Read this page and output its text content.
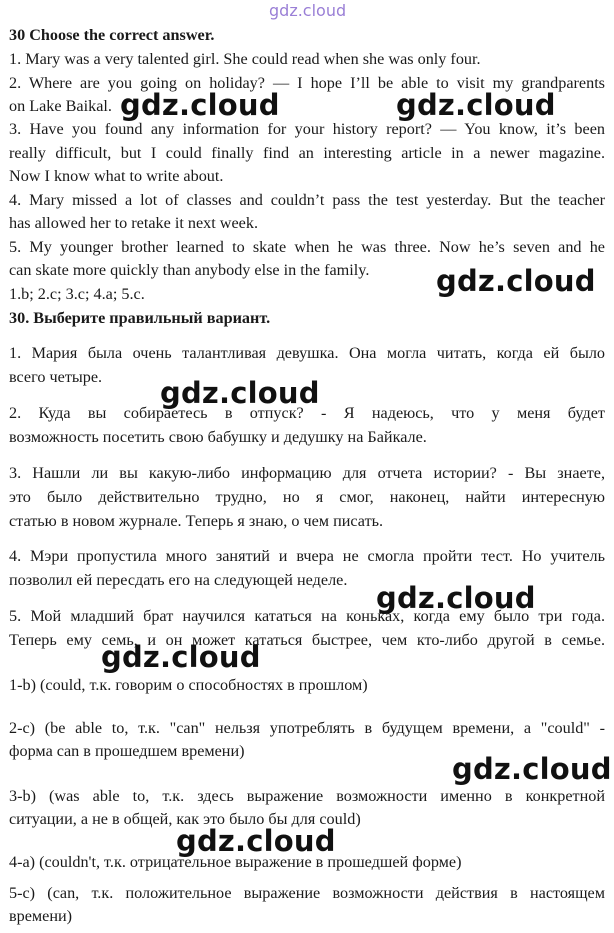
gdz.cloud
30 Choose the correct answer.
1. Mary was a very talented girl. She could read when she was only four.
2. Where are you going on holiday? — I hope I’ll be able to visit my grandparents
on Lake Baikal.
3. Have you found any information for your history report? — You know, it’s been
really difficult, but I could finally find an interesting article in a newer magazine.
Now I know what to write about.
4. Mary missed a lot of classes and couldn’t pass the test yesterday. But the teacher
has allowed her to retake it next week.
5. My younger brother learned to skate when he was three. Now he’s seven and he
can skate more quickly than anybody else in the family.
1.b; 2.c; 3.c; 4.a; 5.c.
30. Выберите правильный вариант.
1. Мария была очень талантливая девушка. Она могла читать, когда ей было
всего четыре.
2. Куда вы собираетесь в отпуск? - Я надеюсь, что у меня будет
возможность посетить свою бабушку и дедушку на Байкале.
3. Нашли ли вы какую-либо информацию для отчета истории? - Вы знаете,
это было действительно трудно, но я смог, наконец, найти интересную
статью в новом журнале. Теперь я знаю, о чем писать.
4. Мэри пропустила много занятий и вчера не смогла пройти тест. Но учитель
позволил ей пересдать его на следующей неделе.
5. Мой младший брат научился кататься на коньках, когда ему было три года.
Теперь ему семь, и он может кататься быстрее, чем кто-либо другой в семье.
1-b) (could, т.к. говорим о способностях в прошлом)
2-c) (be able to, т.к. "can" нельзя употреблять в будущем времени, а "could" -
форма can в прошедшем времени)
3-b) (was able to, т.к. здесь выражение возможности именно в конкретной
ситуации, а не в общей, как это было бы для could)
4-a) (couldn't, т.к. отрицательное выражение в прошедшей форме)
5-c) (can, т.к. положительное выражение возможности действия в настоящем
времени)
gdz.cloud	gdz.cloud
gdz.cloud
gdz.cloud
gdz.cloud
gdz.cloud
gdz.cloud
gdz.cloud
